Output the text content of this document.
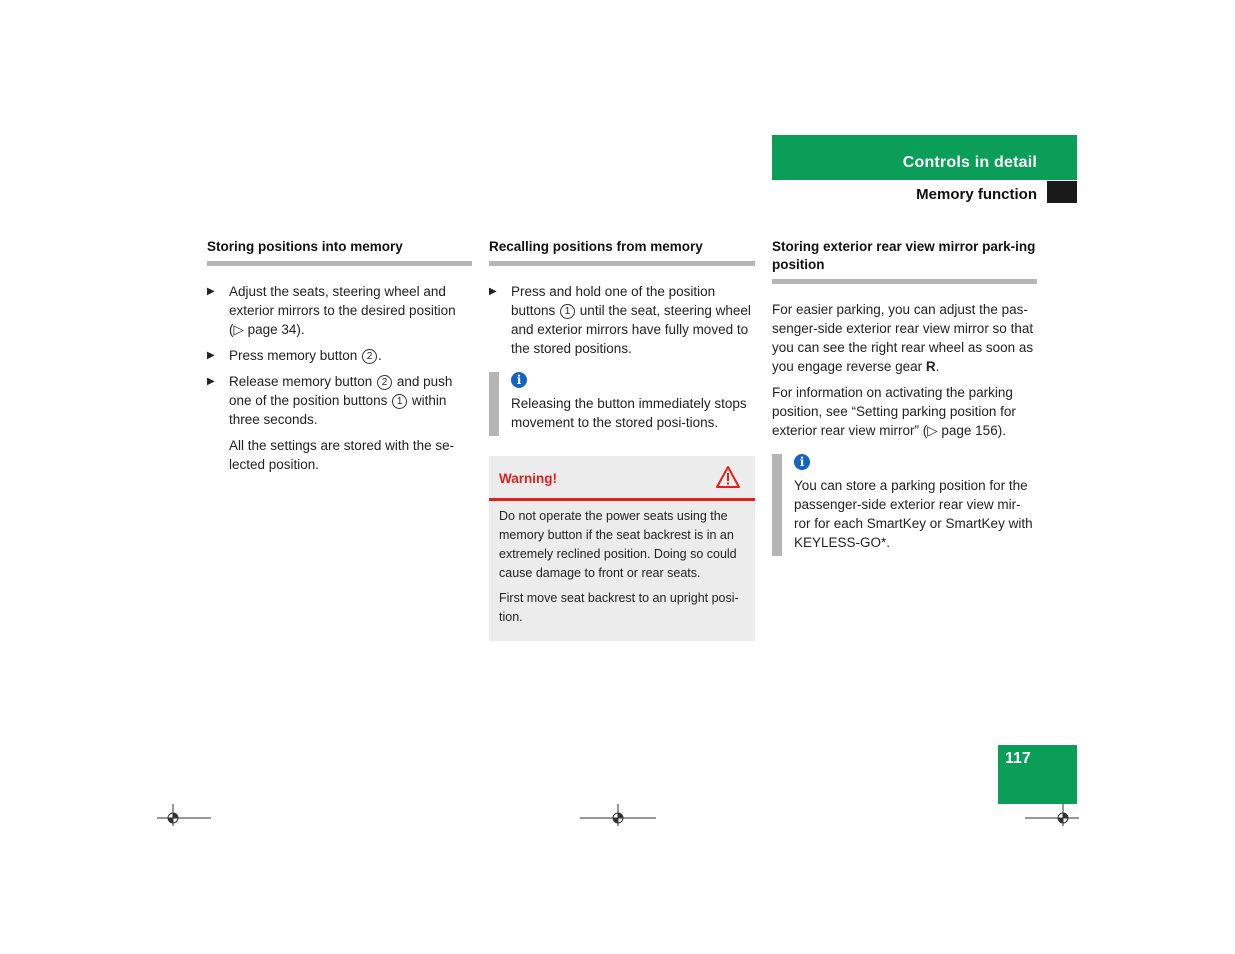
Controls in detail
Memory function
Storing positions into memory
▶ Adjust the seats, steering wheel and exterior mirrors to the desired position (▷ page 34).
▶ Press memory button 2 .
▶ Release memory button 2 and push one of the position buttons 1 within three seconds.
All the settings are stored with the se-lected position.
Recalling positions from memory
▶ Press and hold one of the position buttons 1 until the seat, steering wheel and exterior mirrors have fully moved to the stored positions.
i
Releasing the button immediately stops movement to the stored posi-tions.
Warning!

Do not operate the power seats using the memory button if the seat backrest is in an extremely reclined position. Doing so could cause damage to front or rear seats.

First move seat backrest to an upright posi-tion.

Storing exterior rear view mirror park-ing position

For easier parking, you can adjust the pas-senger-side exterior rear view mirror so that you can see the right rear wheel as soon as you engage reverse gear R.

For information on activating the parking position, see “Setting parking position for exterior rear view mirror” (▷ page 156).

i
You can store a parking position for the passenger-side exterior rear view mir-ror for each SmartKey or SmartKey with KEYLESS-GO*.
117
